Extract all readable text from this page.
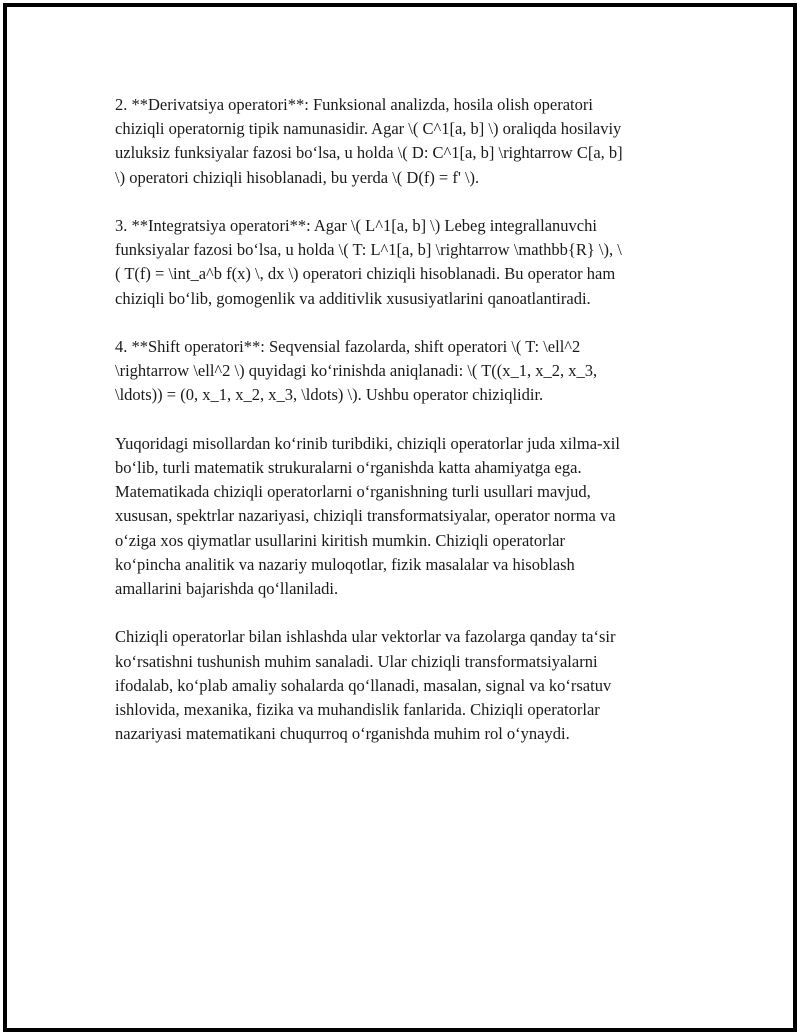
2. **Derivatsiya operatori**: Funksional analizda, hosila olish operatori
chiziqli operatornig tipik namunasidir. Agar \( C^1[a, b] \) oraliqda hosilaviy
uzluksiz funksiyalar fazosi bo‘lsa, u holda \( D: C^1[a, b] \rightarrow C[a, b]
\) operatori chiziqli hisoblanadi, bu yerda \( D(f) = f' \).

3. **Integratsiya operatori**: Agar \( L^1[a, b] \) Lebeg integrallanuvchi
funksiyalar fazosi bo‘lsa, u holda \( T: L^1[a, b] \rightarrow \mathbb{R} \), \
( T(f) = \int_a^b f(x) \, dx \) operatori chiziqli hisoblanadi. Bu operator ham
chiziqli bo‘lib, gomogenlik va additivlik xususiyatlarini qanoatlantiradi.

4. **Shift operatori**: Seqvensial fazolarda, shift operatori \( T: \ell^2
\rightarrow \ell^2 \) quyidagi ko‘rinishda aniqlanadi: \( T((x_1, x_2, x_3,
\ldots)) = (0, x_1, x_2, x_3, \ldots) \). Ushbu operator chiziqlidir.

Yuqoridagi misollardan ko‘rinib turibdiki, chiziqli operatorlar juda xilma-xil
bo‘lib, turli matematik strukuralarni o‘rganishda katta ahamiyatga ega.
Matematikada chiziqli operatorlarni o‘rganishning turli usullari mavjud,
xususan, spektrlar nazariyasi, chiziqli transformatsiyalar, operator norma va
o‘ziga xos qiymatlar usullarini kiritish mumkin. Chiziqli operatorlar
ko‘pincha analitik va nazariy muloqotlar, fizik masalalar va hisoblash
amallarini bajarishda qo‘llaniladi.

Chiziqli operatorlar bilan ishlashda ular vektorlar va fazolarga qanday ta‘sir
ko‘rsatishni tushunish muhim sanaladi. Ular chiziqli transformatsiyalarni
ifodalab, ko‘plab amaliy sohalarda qo‘llanadi, masalan, signal va ko‘rsatuv
ishlovida, mexanika, fizika va muhandislik fanlarida. Chiziqli operatorlar
nazariyasi matematikani chuqurroq o‘rganishda muhim rol o‘ynaydi.
